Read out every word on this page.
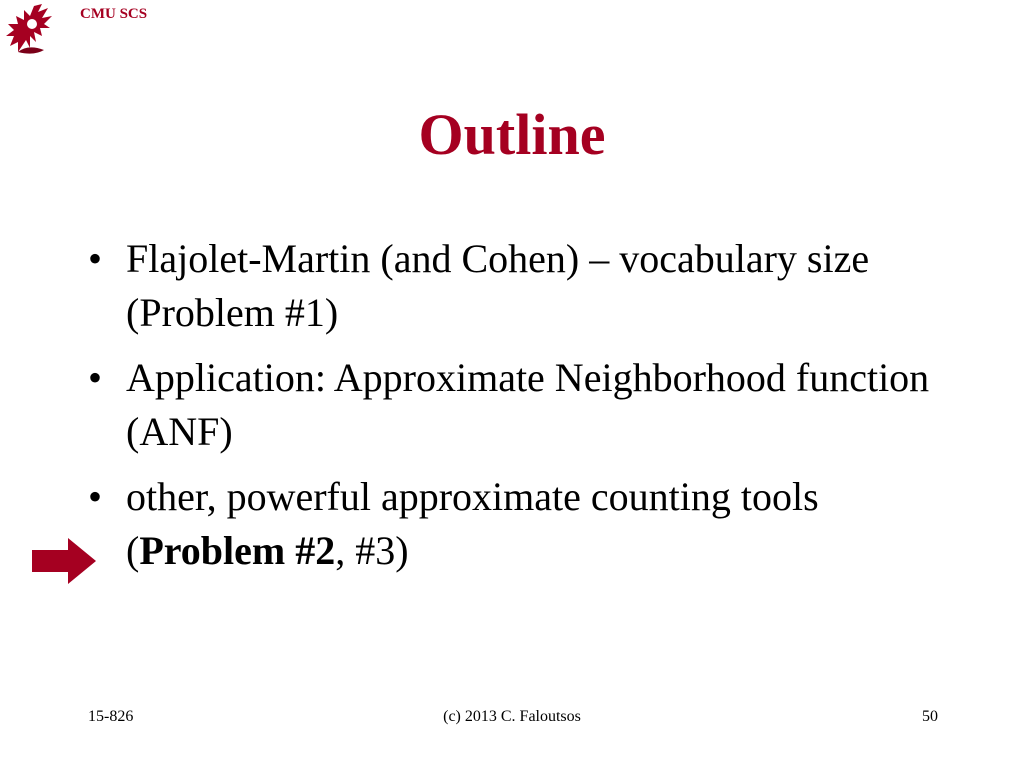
CMU SCS
Outline
• Flajolet-Martin (and Cohen) – vocabulary size (Problem #1)
• Application: Approximate Neighborhood function (ANF)
• other, powerful approximate counting tools (Problem #2, #3)
15-826	(c) 2013 C. Faloutsos	50
